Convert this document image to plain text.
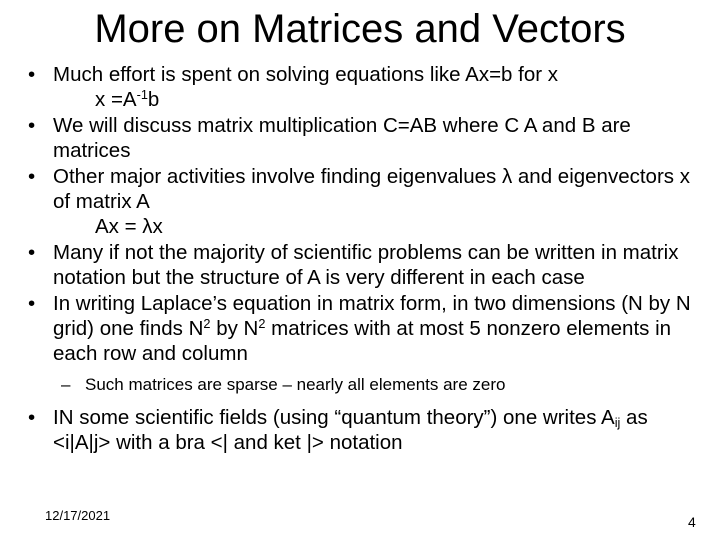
More on Matrices and Vectors
• Much effort is spent on solving equations like Ax=b for x
$x =A^{-1}b$
• We will discuss matrix multiplication C=AB where C A and B are matrices
• Other major activities involve finding eigenvalues λ and eigenvectors x of matrix A
Ax = λx
• Many if not the majority of scientific problems can be written in matrix notation but the structure of A is very different in each case
• In writing Laplace’s equation in matrix form, in two dimensions (N by N grid) one finds $N^2$ by $N^2$ matrices with at most 5 nonzero elements in each row and column
– Such matrices are sparse – nearly all elements are zero
• IN some scientific fields (using “quantum theory”) one writes $A_{ij}$ as <i|A|j> with a bra <| and ket |> notation
12/17/2021	4
